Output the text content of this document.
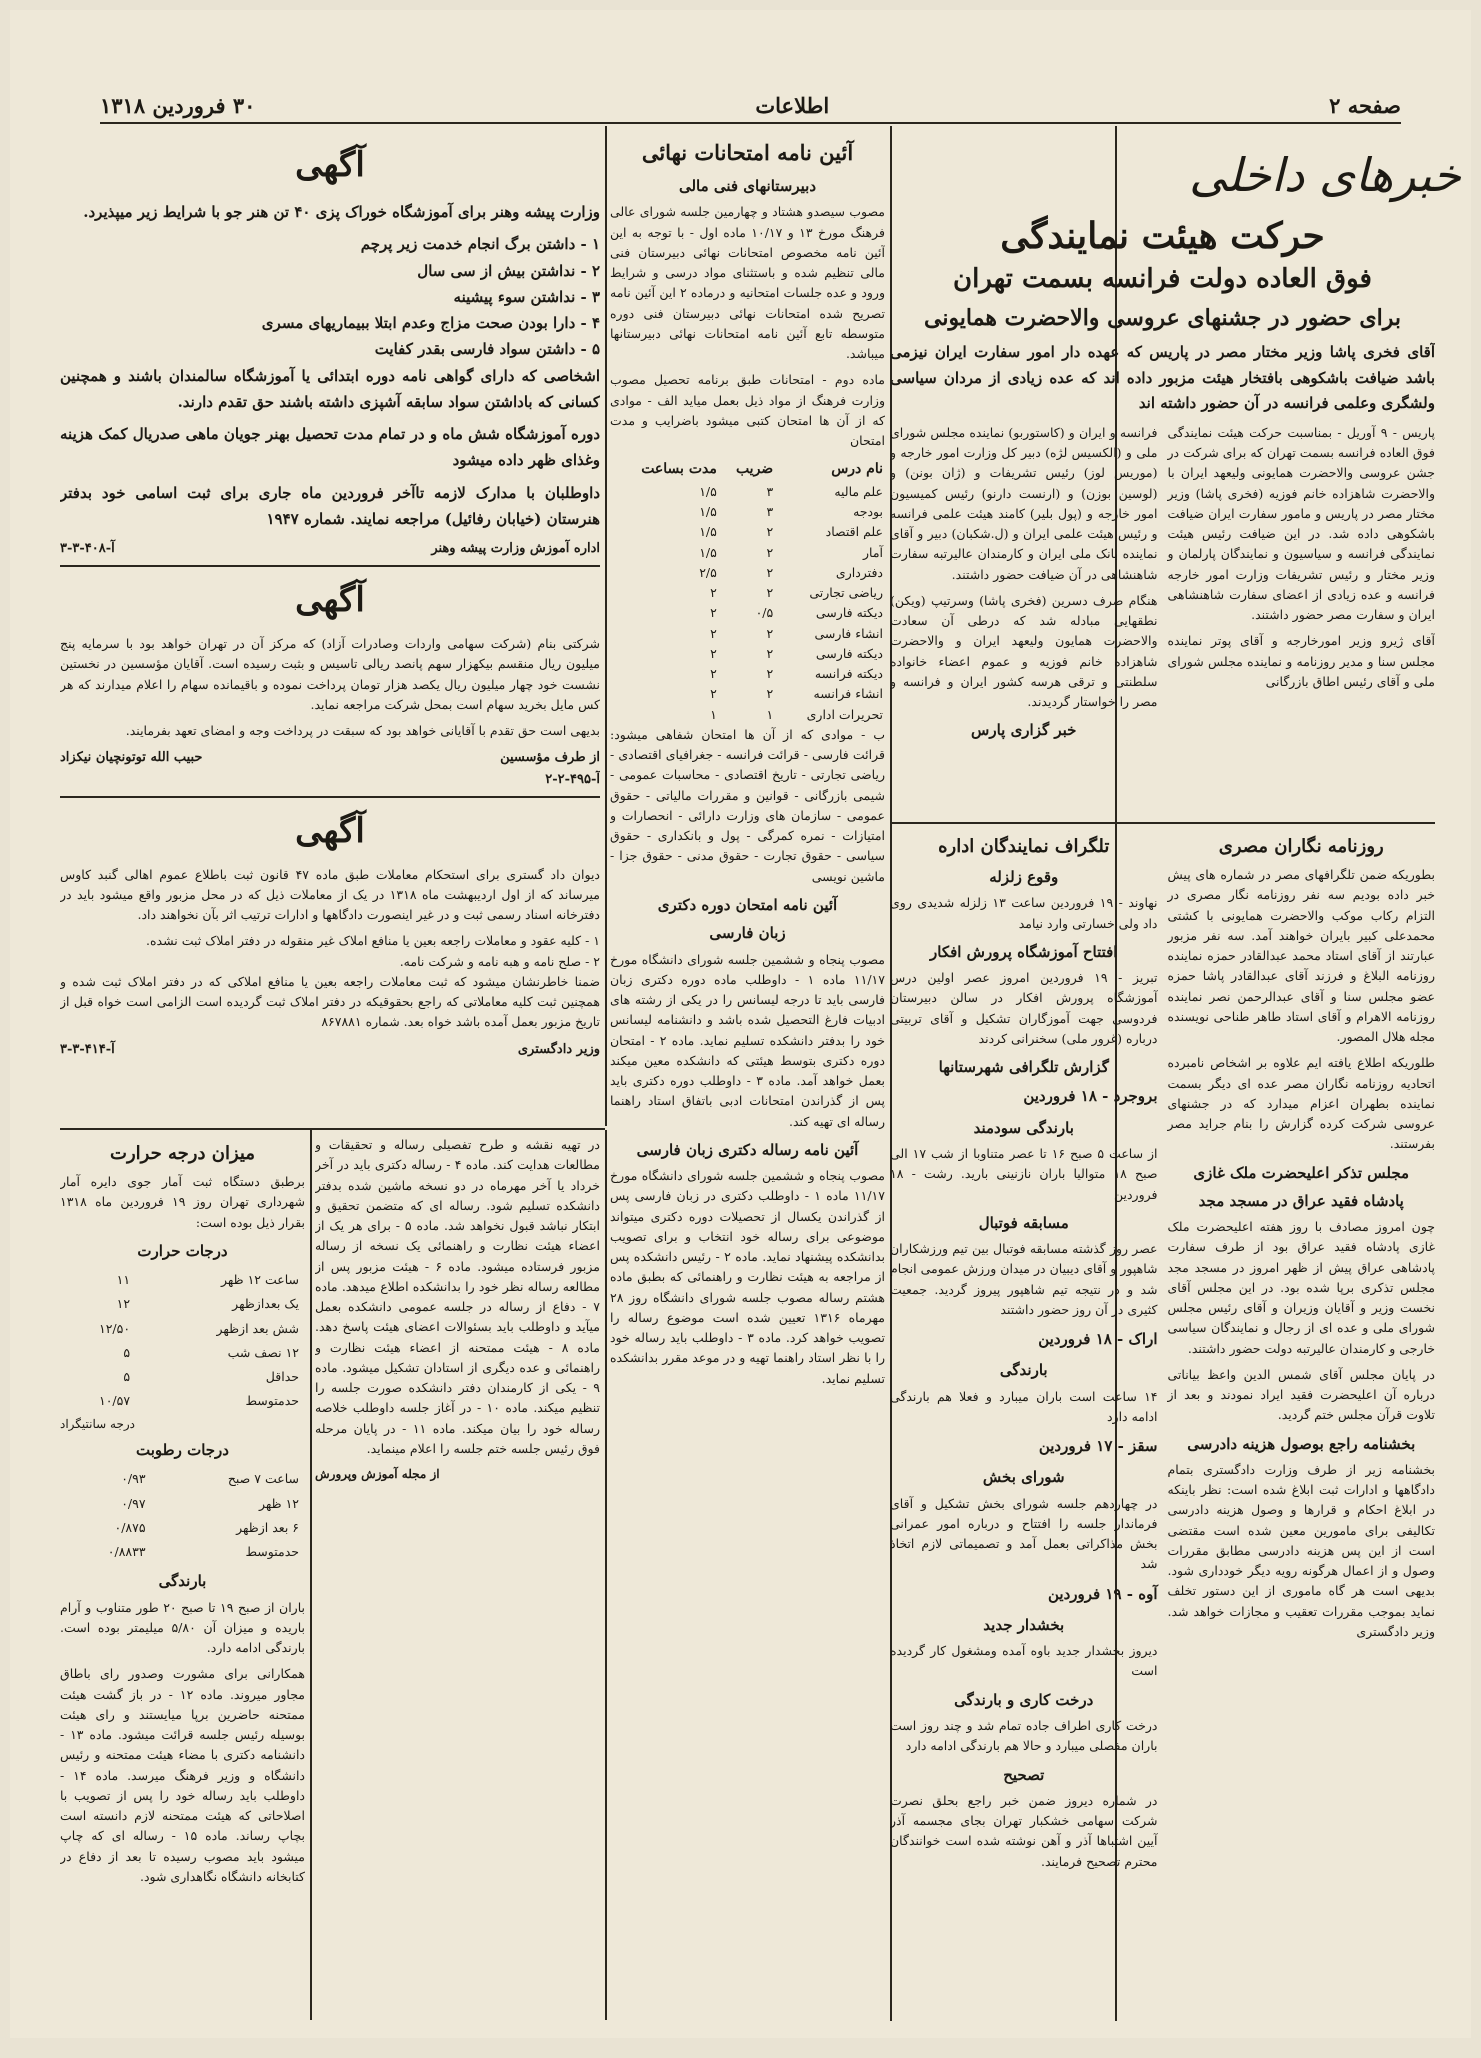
صفحه ۲
اطلاعات
۳۰ فروردین ۱۳۱۸
خبرهای داخلی
حرکت هیئت نمایندگی
فوق العاده دولت فرانسه بسمت تهران
برای حضور در جشنهای عروسی والاحضرت همایونی

آقای فخری پاشا وزیر مختار مصر در پاریس که عهده دار امور سفارت ایران نیزمی باشد ضیافت باشکوهی بافتخار هیئت مزبور داده اند که عده زیادی از مردان سیاسی ولشگری وعلمی فرانسه در آن حضور داشته اند

پاریس - ۹ آوریل - بمناسبت حرکت هیئت نمایندگی فوق العاده فرانسه بسمت تهران که برای شرکت در جشن عروسی والاحضرت همایونی ولیعهد ایران با والاحضرت شاهزاده خانم فوزیه (فخری پاشا) وزیر مختار مصر در پاریس و مامور سفارت ایران ضیافت باشکوهی داده شد. در این ضیافت رئیس هیئت نمایندگی فرانسه و سیاسیون و نمایندگان پارلمان و وزیر مختار و رئیس تشریفات وزارت امور خارجه فرانسه و عده زیادی از اعضای سفارت شاهنشاهی ایران و سفارت مصر حضور داشتند.

آقای ژیرو وزیر امورخارجه و آقای پوتر نماینده مجلس سنا و مدیر روزنامه و نماینده مجلس شورای ملی و آقای رئیس اطاق بازرگانی

فرانسه و ایران و (کاستوربو) نماینده مجلس شورای ملی و (الکسیس لژه) دبیر کل وزارت امور خارجه و (موریس لوز) رئیس تشریفات و (ژان بونن) و (لوسین بوزن) و (ارنست دارنو) رئیس کمیسیون امور خارجه و (پول بلیر) کامند هیئت علمی فرانسه و رئیس هیئت علمی ایران و (ل.شکبان) دبیر و آقای نماینده بانک ملی ایران و کارمندان عالیرتبه سفارت شاهنشاهی در آن ضیافت حضور داشتند.

هنگام صرف دسرین (فخری پاشا) وسرتیپ (ویکن) نطقهایی مبادله شد که درطی آن سعادت والاحضرت همایون ولیعهد ایران و والاحضرت شاهزاده خانم فوزیه و عموم اعضاء خانواده سلطنتی و ترقی هرسه کشور ایران و فرانسه و مصر را خواستار گردیدند.

خبر گزاری پارس
روزنامه نگاران مصری

بطوریکه ضمن تلگرافهای مصر در شماره های پیش خبر داده بودیم سه نفر روزنامه نگار مصری در التزام رکاب موکب والاحضرت همایونی با کشتی محمدعلی کبیر بایران خواهند آمد. سه نفر مزبور عبارتند از آقای استاد محمد عبدالقادر حمزه نماینده روزنامه البلاغ و فرزند آقای عبدالقادر پاشا حمزه عضو مجلس سنا و آقای عبدالرحمن نصر نماینده روزنامه الاهرام و آقای استاد طاهر طناحی نویسنده مجله هلال المصور.

طلوریکه اطلاع یافته ایم علاوه بر اشخاص نامبرده اتحادیه روزنامه نگاران مصر عده ای دیگر بسمت نماینده بطهران اعزام میدارد که در جشنهای عروسی شرکت کرده گزارش را بنام جراید مصر بفرستند.

مجلس تذکر اعلیحضرت ملک غازی
پادشاه فقید عراق در مسجد مجد

چون امروز مصادف با روز هفته اعلیحضرت ملک غازی پادشاه فقید عراق بود از طرف سفارت پادشاهی عراق پیش از ظهر امروز در مسجد مجد مجلس تذکری برپا شده بود. در این مجلس آقای نخست وزیر و آقایان وزیران و آقای رئیس مجلس شورای ملی و عده ای از رجال و نمایندگان سیاسی خارجی و کارمندان عالیرتبه دولت حضور داشتند.

در پایان مجلس آقای شمس الدین واعظ بیاناتی درباره آن اعلیحضرت فقید ایراد نمودند و بعد از تلاوت قرآن مجلس ختم گردید.

بخشنامه راجع بوصول هزینه دادرسی

بخشنامه زیر از طرف وزارت دادگستری بتمام دادگاهها و ادارات ثبت ابلاغ شده است: نظر باینکه در ابلاغ احکام و قرارها و وصول هزینه دادرسی تکالیفی برای مامورین معین شده است مقتضی است از این پس هزینه دادرسی مطابق مقررات وصول و از اعمال هرگونه رویه دیگر خودداری شود. بدیهی است هر گاه ماموری از این دستور تخلف نماید بموجب مقررات تعقیب و مجازات خواهد شد. وزیر دادگستری

تلگراف نمایندگان اداره
وقوع زلزله

نهاوند - ۱۹ فروردین ساعت ۱۳ زلزله شدیدی روی داد ولی خسارتی وارد نیامد

افتتاح آموزشگاه پرورش افکار

تبریز - ۱۹ فروردین امروز عصر اولین درس آموزشگاه پرورش افکار در سالن دبیرستان فردوسی جهت آموزگاران تشکیل و آقای تربیتی درباره (غرور ملی) سخنرانی کردند

گزارش تلگرافی شهرستانها

بروجرد - ۱۸ فروردین

بارندگی سودمند

از ساعت ۵ صبح ۱۶ تا عصر متناوبا از شب ۱۷ الی صبح ۱۸ متوالیا باران نازنینی بارید. رشت - ۱۸ فروردین

مسابقه فوتبال

عصر روز گذشته مسابقه فوتبال بین تیم ورزشکاران شاهپور و آقای دیبیان در میدان ورزش عمومی انجام شد و در نتیجه تیم شاهپور پیروز گردید. جمعیت کثیری در آن روز حضور داشتند

اراک - ۱۸ فروردین

بارندگی

۱۴ ساعت است باران میبارد و فعلا هم بارندگی ادامه دارد

سقز - ۱۷ فروردین

شورای بخش

در چهاردهم جلسه شورای بخش تشکیل و آقای فرماندار جلسه را افتتاح و درباره امور عمرانی بخش مذاکراتی بعمل آمد و تصمیماتی لازم اتخاذ شد

آوه - ۱۹ فروردین

بخشدار جدید

دیروز بخشدار جدید باوه آمده ومشغول کار گردیده است

درخت کاری و بارندگی

درخت کاری اطراف جاده تمام شد و چند روز است باران مفصلی میبارد و حالا هم بارندگی ادامه دارد

تصحیح

در شماره دیروز ضمن خبر راجع بحلق نصرت شرکت سهامی خشکبار تهران بجای مجسمه آذر آیین اشتباها آذر و آهن نوشته شده است خوانندگان محترم تصحیح فرمایند.

آئین نامه امتحانات نهائی
دبیرستانهای فنی مالی

مصوب سیصدو هشتاد و چهارمین جلسه شورای عالی فرهنگ مورخ ۱۳ و ۱۰/۱۷ ماده اول - با توجه به این آئین نامه مخصوص امتحانات نهائی دبیرستان فنی مالی تنظیم شده و باستثنای مواد درسی و شرایط ورود و عده جلسات امتحانیه و درماده ۲ این آئین نامه تصریح شده امتحانات نهائی دبیرستان فنی دوره متوسطه تابع آئین نامه امتحانات نهائی دبیرستانها میباشد.

ماده دوم - امتحانات طبق برنامه تحصیل مصوب وزارت فرهنگ از مواد ذیل بعمل میاید الف - موادی که از آن ها امتحان کتبی میشود باضرایب و مدت امتحان

نام درس	ضریب	مدت بساعت
علم ماليه	۳	۱/۵
بودجه	۳	۱/۵
علم اقتصاد	۲	۱/۵
آمار	۲	۱/۵
دفترداری	۲	۲/۵
رياضی تجارتی	۲	۲
ديكته فارسی	۰/۵	۲
انشاء فارسی	۲	۲
ديكته فارسی	۲	۲
ديكته فرانسه	۲	۲
انشاء فرانسه	۲	۲
تحريرات اداری	۱	۱

ب - موادی که از آن ها امتحان شفاهی میشود: قرائت فارسی - قرائت فرانسه - جغرافیای اقتصادی - ریاضی تجارتی - تاریخ اقتصادی - محاسبات عمومی - شیمی بازرگانی - قوانین و مقررات مالیاتی - حقوق عمومی - سازمان های وزارت دارائی - انحصارات و امتیازات - نمره کمرگی - پول و بانکداری - حقوق سیاسی - حقوق تجارت - حقوق مدنی - حقوق جزا - ماشین نویسی

آئین نامه امتحان دوره دکتری
زبان فارسی

مصوب پنجاه و ششمین جلسه شورای دانشگاه مورخ ۱۱/۱۷ ماده ۱ - داوطلب ماده دوره دکتری زبان فارسی باید تا درجه لیسانس را در یکی از رشته های ادبیات فارغ التحصیل شده باشد و دانشنامه لیسانس خود را بدفتر دانشکده تسلیم نماید. ماده ۲ - امتحان دوره دکتری بتوسط هیئتی که دانشکده معین میکند بعمل خواهد آمد. ماده ۳ - داوطلب دوره دکتری باید پس از گذراندن امتحانات ادبی باتفاق استاد راهنما رساله ای تهیه کند.

آئین نامه رساله دکتری زبان فارسی

مصوب پنجاه و ششمین جلسه شورای دانشگاه مورخ ۱۱/۱۷ ماده ۱ - داوطلب دکتری در زبان فارسی پس از گذراندن یکسال از تحصیلات دوره دکتری میتواند موضوعی برای رساله خود انتخاب و برای تصویب بدانشکده پیشنهاد نماید. ماده ۲ - رئیس دانشکده پس از مراجعه به هیئت نظارت و راهنمائی که بطبق ماده هشتم رساله مصوب جلسه شورای دانشگاه روز ۲۸ مهرماه ۱۳۱۶ تعیین شده است موضوع رساله را تصویب خواهد کرد. ماده ۳ - داوطلب باید رساله خود را با نظر استاد راهنما تهیه و در موعد مقرر بدانشکده تسلیم نماید.

آگهی

وزارت پیشه وهنر برای آموزشگاه خوراک پزی ۴۰ تن هنر جو با شرایط زیر میپذیرد.

۱ - داشتن برگ انجام خدمت زیر پرچم
۲ - نداشتن بیش از سی سال
۳ - نداشتن سوء پیشینه
۴ - دارا بودن صحت مزاج وعدم ابتلا ببیماریهای مسری
۵ - داشتن سواد فارسی بقدر کفایت

اشخاصی که دارای گواهی نامه دوره ابتدائی یا آموزشگاه سالمندان باشند و همچنین کسانی که باداشتن سواد سابقه آشپزی داشته باشند حق تقدم دارند.

دوره آموزشگاه شش ماه و در تمام مدت تحصیل بهنر جویان ماهی صدریال کمک هزینه وغذای ظهر داده میشود

داوطلبان با مدارک لازمه تاآخر فروردین ماه جاری برای ثبت اسامی خود بدفتر هنرستان (خیابان رفائیل) مراجعه نمایند. شماره ۱۹۴۷

اداره آموزش وزارت پیشه وهنر
آ-۴۰۸-۳-۳
آگهی

شرکتی بنام (شرکت سهامی واردات وصادرات آزاد) که مرکز آن در تهران خواهد بود با سرمایه پنج میلیون ریال منقسم بیکهزار سهم پانصد ریالی تاسیس و بثبت رسیده است. آقایان مؤسسین در نخستین نشست خود چهار میلیون ریال یکصد هزار تومان پرداخت نموده و باقیمانده سهام را اعلام میدارند که هر کس مایل بخرید سهام است بمحل شرکت مراجعه نماید.

بدیهی است حق تقدم با آقایانی خواهد بود که سبقت در پرداخت وجه و امضای تعهد بفرمایند.

از طرف مؤسسین
حبیب الله توتونچیان نیکزاد
آ-۴۹۵-۲-۲
آگهی

دیوان داد گستری برای استحکام معاملات طبق ماده ۴۷ قانون ثبت باطلاع عموم اهالی گنبد کاوس میرساند که از اول اردیبهشت ماه ۱۳۱۸ در یک از معاملات ذیل که در محل مزبور واقع میشود باید در دفترخانه اسناد رسمی ثبت و در غیر اینصورت دادگاهها و ادارات ترتیب اثر بآن نخواهند داد.

۱ - کلیه عقود و معاملات راجعه بعین یا منافع املاک غیر منقوله در دفتر املاک ثبت نشده.
۲ - صلح نامه و هبه نامه و شرکت نامه.

ضمنا خاطرنشان میشود که ثبت معاملات راجعه بعین یا منافع املاکی که در دفتر املاک ثبت شده و همچنین ثبت کلیه معاملاتی که راجع بحقوقیکه در دفتر املاک ثبت گردیده است الزامی است خواه قبل از تاریخ مزبور بعمل آمده باشد خواه بعد. شماره ۸۶۷۸۸۱

وزیر دادگستری
آ-۴۱۴-۳-۳
میزان درجه حرارت

برطبق دستگاه ثبت آمار جوی دایره آمار شهرداری تهران روز ۱۹ فروردین ماه ۱۳۱۸ بقرار ذیل بوده است:

درجات حرارت
ساعت ۱۲ ظهر	۱۱
یک بعدازظهر	۱۲
شش بعد ازظهر	۱۲/۵۰
۱۲ نصف شب	۵
حداقل	۵
حدمتوسط	۱۰/۵۷
درجه سانتیگراد
درجات رطوبت
ساعت ۷ صبح	۰/۹۳
۱۲ ظهر	۰/۹۷
۶ بعد ازظهر	۰/۸۷۵
حدمتوسط	۰/۸۸۳۳
بارندگی

باران از صبح ۱۹ تا صبح ۲۰ طور متناوب و آرام باریده و میزان آن ۵/۸۰ میلیمتر بوده است. بارندگی ادامه دارد.

همکارانی برای مشورت وصدور رای باطاق مجاور میروند. ماده ۱۲ - در باز گشت هیئت ممتحنه حاضرین برپا میایستند و رای هیئت بوسیله رئیس جلسه قرائت میشود. ماده ۱۳ - دانشنامه دکتری با مضاء هیئت ممتحنه و رئیس دانشگاه و وزیر فرهنگ میرسد. ماده ۱۴ - داوطلب باید رساله خود را پس از تصویب با اصلاحاتی که هیئت ممتحنه لازم دانسته است بچاپ رساند. ماده ۱۵ - رساله ای که چاپ میشود باید مصوب رسیده تا بعد از دفاع در کتابخانه دانشگاه نگاهداری شود.

در تهیه نقشه و طرح تفصیلی رساله و تحقیقات و مطالعات هدایت کند. ماده ۴ - رساله دکتری باید در آخر خرداد یا آخر مهرماه در دو نسخه ماشین شده بدفتر دانشکده تسلیم شود. رساله ای که متضمن تحقیق و ابتکار نباشد قبول نخواهد شد. ماده ۵ - برای هر یک از اعضاء هیئت نظارت و راهنمائی یک نسخه از رساله مزبور فرستاده میشود. ماده ۶ - هیئت مزبور پس از مطالعه رساله نظر خود را بدانشکده اطلاع میدهد. ماده ۷ - دفاع از رساله در جلسه عمومی دانشکده بعمل میآید و داوطلب باید بسئوالات اعضای هیئت پاسخ دهد. ماده ۸ - هیئت ممتحنه از اعضاء هیئت نظارت و راهنمائی و عده دیگری از استادان تشکیل میشود. ماده ۹ - یکی از کارمندان دفتر دانشکده صورت جلسه را تنظیم میکند. ماده ۱۰ - در آغاز جلسه داوطلب خلاصه رساله خود را بیان میکند. ماده ۱۱ - در پایان مرحله فوق رئیس جلسه ختم جلسه را اعلام مینماید.

از مجله آموزش وپرورش
